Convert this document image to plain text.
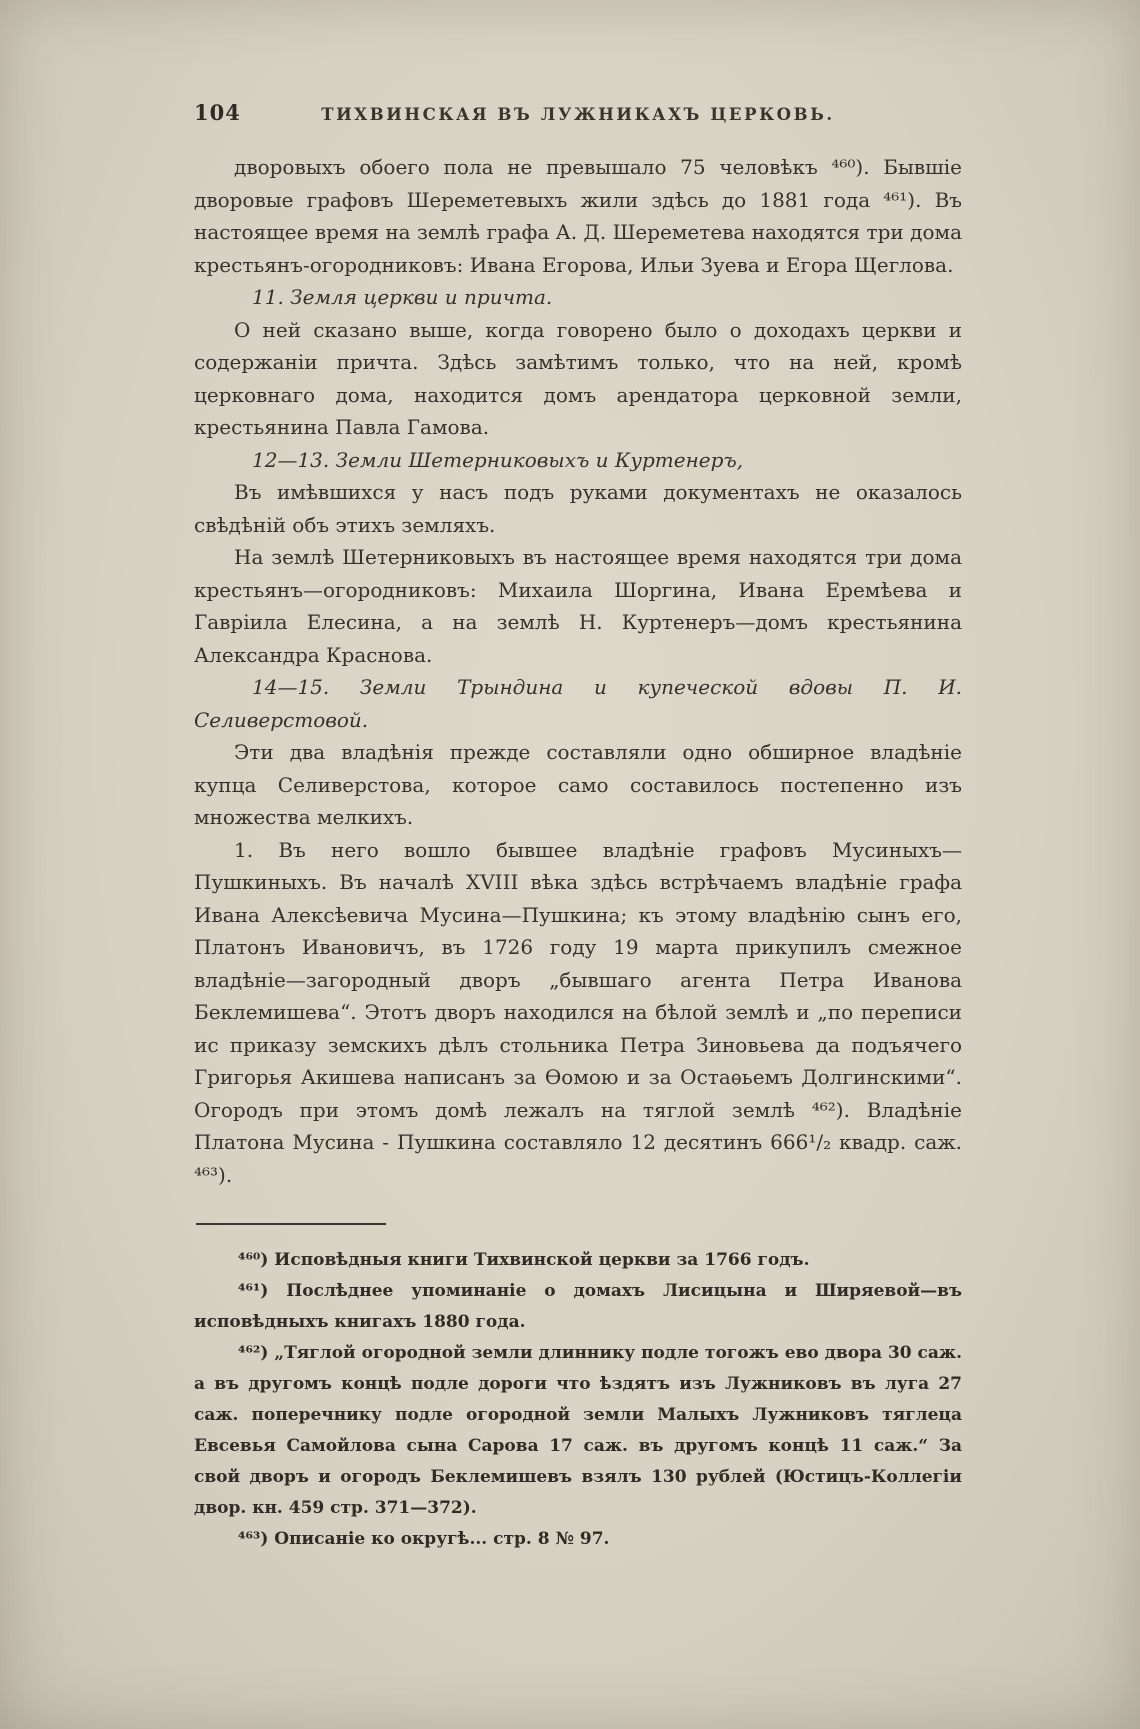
104	ТИХВИНСКАЯ ВЪ ЛУЖНИКАХЪ ЦЕРКОВЬ.

дворовыхъ обоего пола не превышало 75 человѣкъ ⁴⁶⁰). Бывшіе дворовые графовъ Шереметевыхъ жили здѣсь до 1881 года ⁴⁶¹). Въ настоящее время на землѣ графа А. Д. Шереметева находятся три дома крестьянъ-огородниковъ: Ивана Егорова, Ильи Зуева и Егора Щеглова.

11. Земля церкви и причта.

О ней сказано выше, когда говорено было о доходахъ церкви и содержаніи причта. Здѣсь замѣтимъ только, что на ней, кромѣ церковнаго дома, находится домъ арендатора церковной земли, крестьянина Павла Гамова.

12—13. Земли Шетерниковыхъ и Куртенеръ,

Въ имѣвшихся у насъ подъ руками документахъ не оказалось свѣдѣній объ этихъ земляхъ.

На землѣ Шетерниковыхъ въ настоящее время находятся три дома крестьянъ—огородниковъ: Михаила Шоргина, Ивана Еремѣева и Гавріила Елесина, а на землѣ Н. Куртенеръ—домъ крестьянина Александра Краснова.

14—15. Земли Трындина и купеческой вдовы П. И. Селиверстовой.

Эти два владѣнія прежде составляли одно обширное владѣніе купца Селиверстова, которое само составилось постепенно изъ множества мелкихъ.

1. Въ него вошло бывшее владѣніе графовъ Мусиныхъ—Пушкиныхъ. Въ началѣ XVIII вѣка здѣсь встрѣчаемъ владѣніе графа Ивана Алексѣевича Мусина—Пушкина; къ этому владѣнію сынъ его, Платонъ Ивановичъ, въ 1726 году 19 марта прикупилъ смежное владѣніе—загородный дворъ „бывшаго агента Петра Иванова Беклемишева“. Этотъ дворъ находился на бѣлой землѣ и „по переписи ис приказу земскихъ дѣлъ стольника Петра Зиновьева да подъячего Григорья Акишева написанъ за Ѳомою и за Остаѳьемъ Долгинскими“. Огородъ при этомъ домѣ лежалъ на тяглой землѣ ⁴⁶²). Владѣніе Платона Мусина - Пушкина составляло 12 десятинъ 666¹/₂ квадр. саж. ⁴⁶³).

⁴⁶⁰) Исповѣдныя книги Тихвинской церкви за 1766 годъ.

⁴⁶¹) Послѣднее упоминаніе о домахъ Лисицына и Ширяевой—въ исповѣдныхъ книгахъ 1880 года.

⁴⁶²) „Тяглой огородной земли длиннику подле тогожъ ево двора 30 саж. а въ другомъ концѣ подле дороги что ѣздятъ изъ Лужниковъ въ луга 27 саж. поперечнику подле огородной земли Малыхъ Лужниковъ тяглеца Евсевья Самойлова сына Сарова 17 саж. въ другомъ концѣ 11 саж.“ За свой дворъ и огородъ Беклемишевъ взялъ 130 рублей (Юстицъ-Коллегіи двор. кн. 459 стр. 371—372).

⁴⁶³) Описаніе ко округѣ... стр. 8 № 97.
